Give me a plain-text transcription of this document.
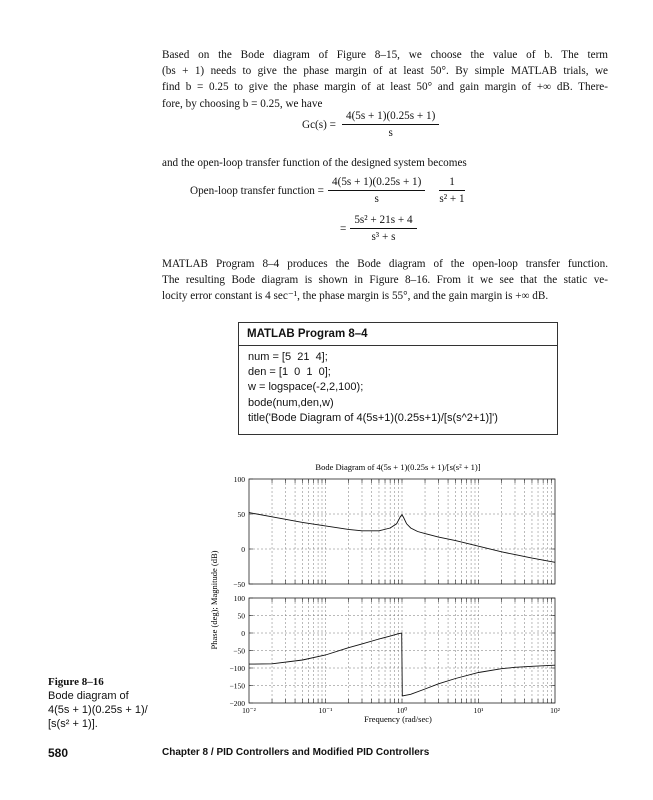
Based on the Bode diagram of Figure 8–15, we choose the value of b. The term
(bs + 1) needs to give the phase margin of at least 50°. By simple MATLAB trials, we
find b = 0.25 to give the phase margin of at least 50° and gain margin of +∞ dB. There-
fore, by choosing b = 0.25, we have

$Gc(s) = \frac{4(5s + 1)(0.25s + 1)}{s}$

and the open-loop transfer function of the designed system becomes

Open-loop transfer function = $\frac{4(5s + 1)(0.25s + 1)}{s} \frac{1}{\text{s² + 1}}$
= $\frac{\text{5s² + 21s + 4}}{\text{s³ + s}}$

MATLAB Program 8–4 produces the Bode diagram of the open-loop transfer function.
The resulting Bode diagram is shown in Figure 8–16. From it we see that the static ve-
locity error constant is 4 sec⁻¹, the phase margin is 55°, and the gain margin is +∞ dB.

MATLAB Program 8–4
num = [5  21  4];
den = [1  0  1  0];
w = logspace(-2,2,100);
bode(num,den,w)
title('Bode Diagram of 4(5s+1)(0.25s+1)/[s(s^2+1)]')
Bode Diagram of 4(5s + 1)(0.25s + 1)/[s(s² + 1)]
Frequency (rad/sec)
Phase (deg); Magnitude (dB)
100
50
0
−50
100
50
0
−50
−100
−150
−200
10⁻²	10⁻¹	10⁰	10¹	10²
Figure 8–16
Bode diagram of
4(5s + 1)(0.25s + 1)/
[s(s² + 1)].
580	Chapter 8 / PID Controllers and Modified PID Controllers
